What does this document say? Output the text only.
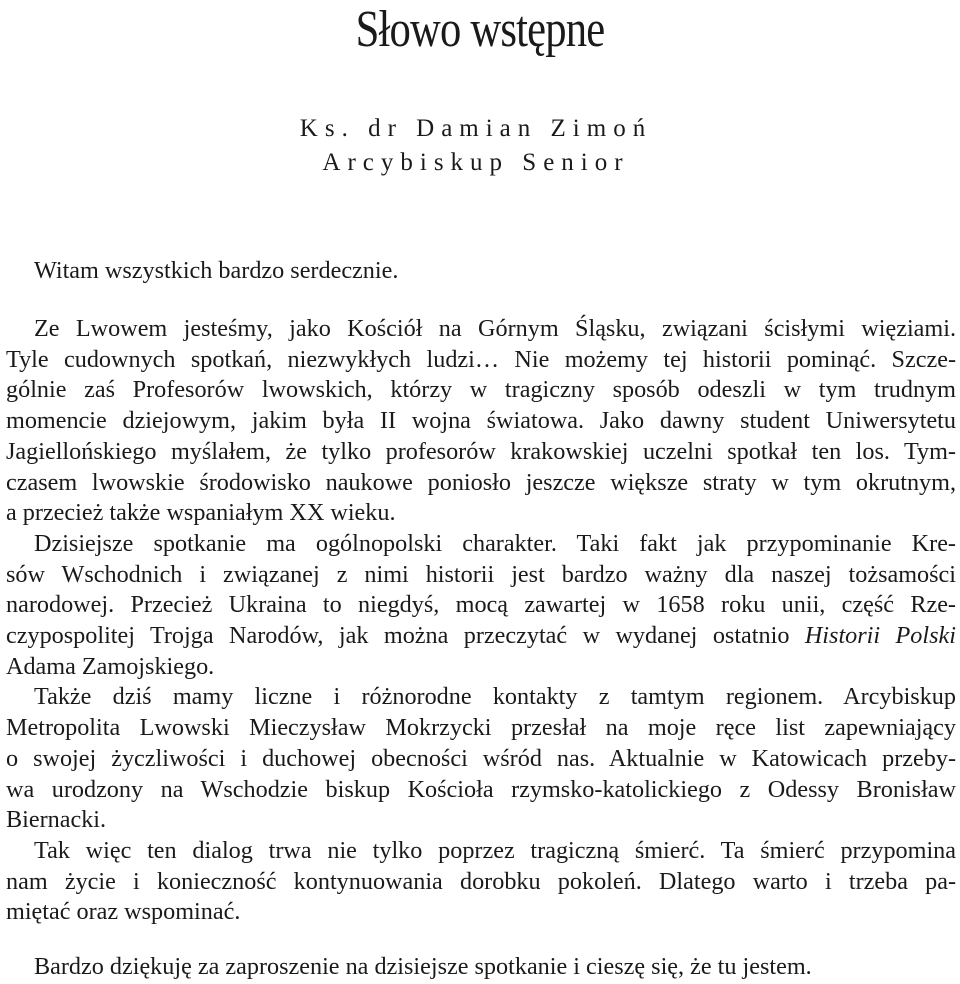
Słowo wstępne
Ks. dr Damian Zimoń
Arcybiskup Senior
Witam wszystkich bardzo serdecznie.
Ze Lwowem jesteśmy, jako Kościół na Górnym Śląsku, związani ścisłymi więziami.
Tyle cudownych spotkań, niezwykłych ludzi… Nie możemy tej historii pominąć. Szcze-
gólnie zaś Profesorów lwowskich, którzy w tragiczny sposób odeszli w tym trudnym
momencie dziejowym, jakim była II wojna światowa. Jako dawny student Uniwersytetu
Jagiellońskiego myślałem, że tylko profesorów krakowskiej uczelni spotkał ten los. Tym-
czasem lwowskie środowisko naukowe poniosło jeszcze większe straty w tym okrutnym,
a przecież także wspaniałym XX wieku.
Dzisiejsze spotkanie ma ogólnopolski charakter. Taki fakt jak przypominanie Kre-
sów Wschodnich i związanej z nimi historii jest bardzo ważny dla naszej tożsamości
narodowej. Przecież Ukraina to niegdyś, mocą zawartej w 1658 roku unii, część Rze-
czypospolitej Trojga Narodów, jak można przeczytać w wydanej ostatnio Historii Polski
Adama Zamojskiego.
Także dziś mamy liczne i różnorodne kontakty z tamtym regionem. Arcybiskup
Metropolita Lwowski Mieczysław Mokrzycki przesłał na moje ręce list zapewniający
o swojej życzliwości i duchowej obecności wśród nas. Aktualnie w Katowicach przeby-
wa urodzony na Wschodzie biskup Kościoła rzymsko-katolickiego z Odessy Bronisław
Biernacki.
Tak więc ten dialog trwa nie tylko poprzez tragiczną śmierć. Ta śmierć przypomina
nam życie i konieczność kontynuowania dorobku pokoleń. Dlatego warto i trzeba pa-
miętać oraz wspominać.
Bardzo dziękuję za zaproszenie na dzisiejsze spotkanie i cieszę się, że tu jestem.
